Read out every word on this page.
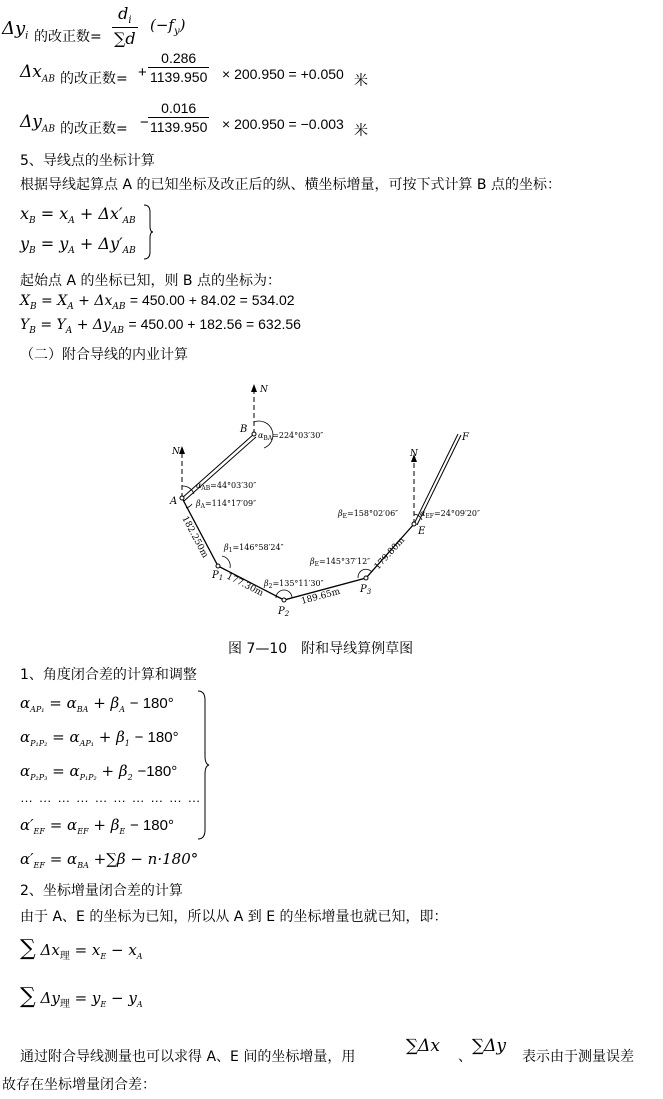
$\Delta y_i$ 的改正数= $\frac{d_i}{\sum d} (-f_y)$
$\Delta x_{AB}$ 的改正数= + $\frac{0.286}{1139.950} \times 200.950 = +0.050$ 米
$\Delta y_{AB}$ 的改正数= − $\frac{0.016}{1139.950} \times 200.950 = -0.003$ 米
5、导线点的坐标计算
根据导线起算点 A 的已知坐标及改正后的纵、横坐标增量，可按下式计算 B 点的坐标：
$x_B = x_A + \Delta x'_{AB}$
$y_B = y_A + \Delta y'_{AB}$
起始点 A 的坐标已知，则 B 点的坐标为：
$X_B = X_A + \Delta x_{AB} = 450.00 + 84.02 = 534.02$
$Y_B = Y_A + \Delta y_{AB} = 450.00 + 182.56 = 632.56$
（二）附合导线的内业计算
N
N	N
B
A
E
F
$P_1$
$P_2$
$P_3$
$\alpha_{BA}=224^\circ 03'30''$
$\alpha_{AB}=44^\circ 03'30''$
$\beta_A=114^\circ 17'09''$
$\beta_1=146^\circ 58'24''$
$\beta_2=135^\circ 11'30''$
$\beta_E=145^\circ 37'12''$
$\beta_E=158^\circ 02'06''$	$\alpha_{EF}=24^\circ 09'20''$
182.250m
177.30m	189.65m
179.80m
图 7—10　附和导线算例草图
1、角度闭合差的计算和调整
$\alpha_{AP_1} = \alpha_{BA} + \beta_A - 180^\circ$
$\alpha_{P_1P_2} = \alpha_{AP_1} + \beta_1 - 180^\circ$
$\alpha_{P_2P_3} = \alpha_{P_1P_2} + \beta_2 -180^\circ$
… … … … … … … … … …
$\alpha'_{EF} = \alpha_{EF} + \beta_E - 180^\circ$
$\alpha'_{EF} = \alpha_{BA} +\sum\beta - n\cdot 180^\circ$
2、坐标增量闭合差的计算
由于 A、E 的坐标为已知，所以从 A 到 E 的坐标增量也就已知，即：
∑ $\Delta x_理 = x_E - x_A$
∑ $\Delta y_理 = y_E - y_A$
通过附合导线测量也可以求得 A、E 间的坐标增量，用
∑Δx
、
∑Δy
表示由于测量误差
故存在坐标增量闭合差：
